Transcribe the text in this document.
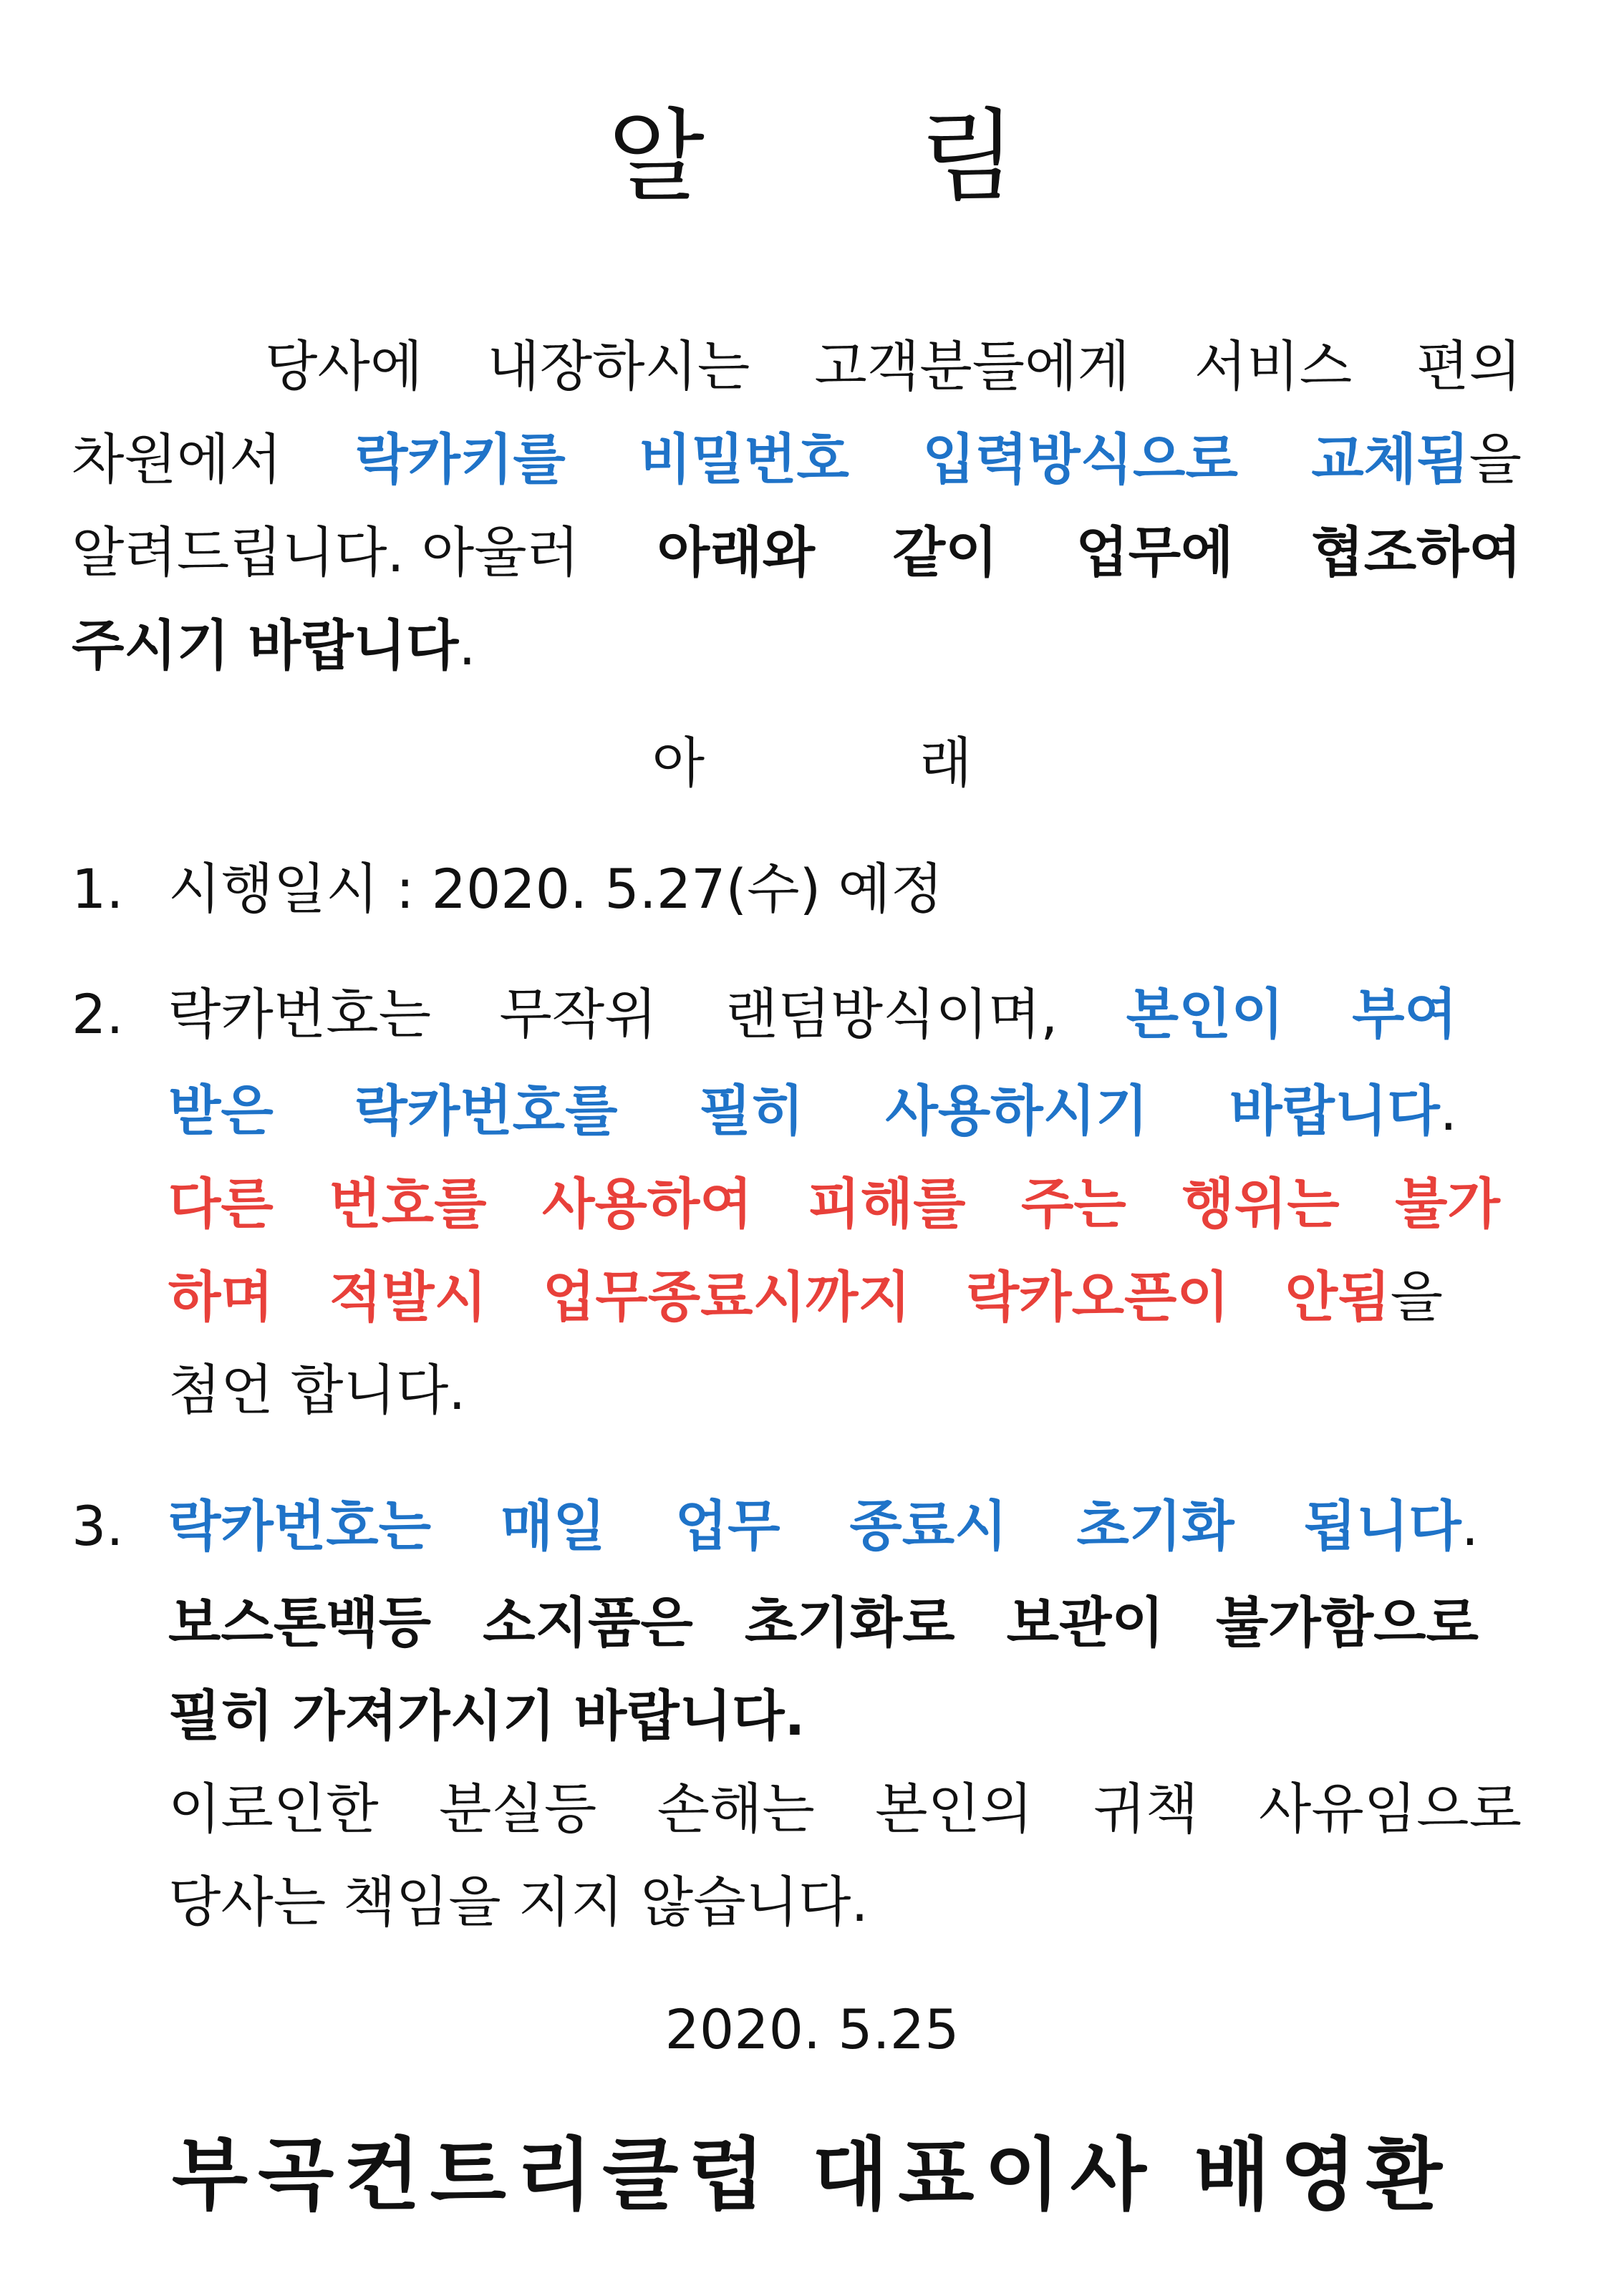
알 림
당사에 내장하시는 고객분들에게 서비스 편의
차원에서 락카키를 비밀번호 입력방식으로 교체됨을
알려드립니다. 아울러 아래와 같이 업무에 협조하여
주시기 바랍니다.
아	래
1. 시행일시 : 2020. 5.27(수) 예정
2. 락카번호는 무작위 랜덤방식이며, 본인이 부여
받은 락카번호를 필히 사용하시기 바랍니다.
다른 번호를 사용하여 피해를 주는 행위는 불가
하며 적발시 업무종료시까지 락카오픈이 안됨을
첨언 합니다.
3. 락카번호는 매일 업무 종료시 초기화 됩니다.
보스톤백등 소지품은 초기화로 보관이 불가함으로
필히 가져가시기 바랍니다.
이로인한 분실등 손해는 본인의 귀책 사유임으로
당사는 책임을 지지 않습니다.
2020. 5.25
부곡컨트리클럽 대표이사 배영환
